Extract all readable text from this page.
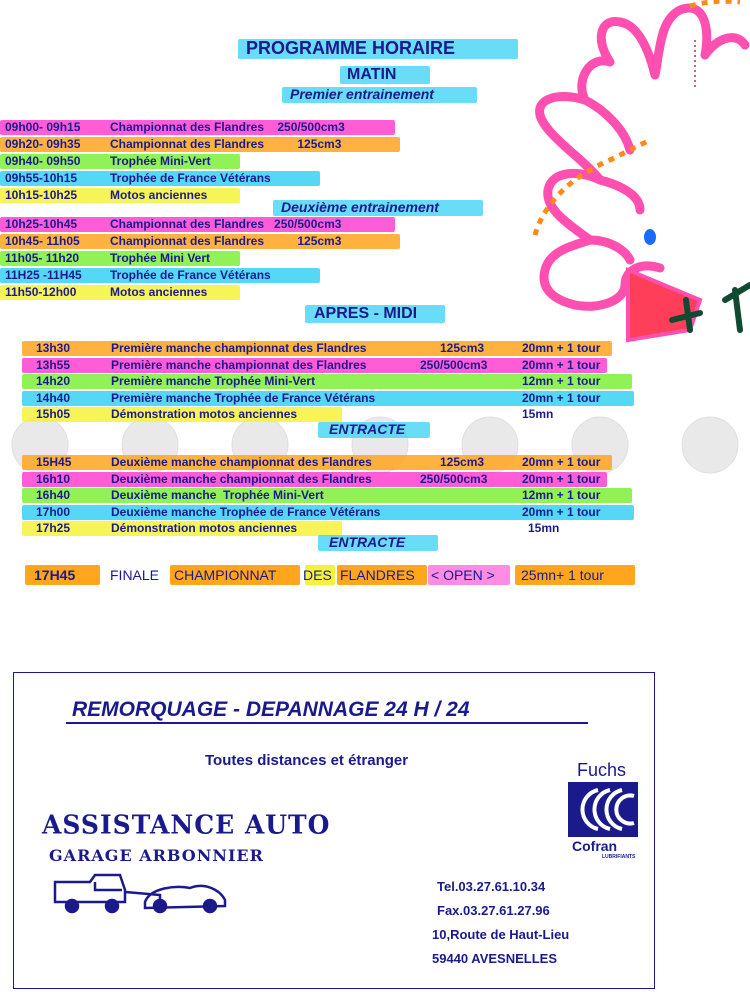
PROGRAMME HORAIRE
MATIN
Premier entrainement
09h00- 09h15 Championnat des Flandres    250/500cm3
09h20- 09h35 Championnat des Flandres          125cm3
09h40- 09h50 Trophée Mini-Vert
09h55-10h15	Trophée de France Vétérans
10h15-10h25	Motos anciennes
Deuxième entrainement
10h25-10h45	Championnat des Flandres   250/500cm3
10h45- 11h05	Championnat des Flandres          125cm3
11h05- 11h20	Trophée Mini Vert
11H25 -11H45 Trophée de France Vétérans
11h50-12h00	Motos anciennes
APRES - MIDI
13h30	Première manche championnat des Flandres	125cm3	20mn + 1 tour
13h55	Première manche championnat des Flandres	250/500cm3	20mn + 1 tour
14h20	Première manche Trophée Mini-Vert	12mn + 1 tour
14h40	Première manche Trophée de France Vétérans	20mn + 1 tour
15h05	Démonstration motos anciennes	15mn
ENTRACTE
15H45	Deuxième manche championnat des Flandres	125cm3	20mn + 1 tour
16h10	Deuxième manche championnat des Flandres	250/500cm3	20mn + 1 tour
16h40	Deuxième manche  Trophée Mini-Vert	12mn + 1 tour
17h00	Deuxième manche Trophée de France Vétérans	20mn + 1 tour
17h25	Démonstration motos anciennes	15mn
ENTRACTE
17H45 FINALE CHAMPIONNAT DES FLANDRES < OPEN > 25mn+ 1 tour
REMORQUAGE - DEPANNAGE 24 H / 24
Toutes distances et étranger
ASSISTANCE AUTO
GARAGE ARBONNIER
Fuchs
Cofran
LUBRIFIANTS
Tel.03.27.61.10.34
Fax.03.27.61.27.96
10,Route de Haut-Lieu
59440 AVESNELLES
